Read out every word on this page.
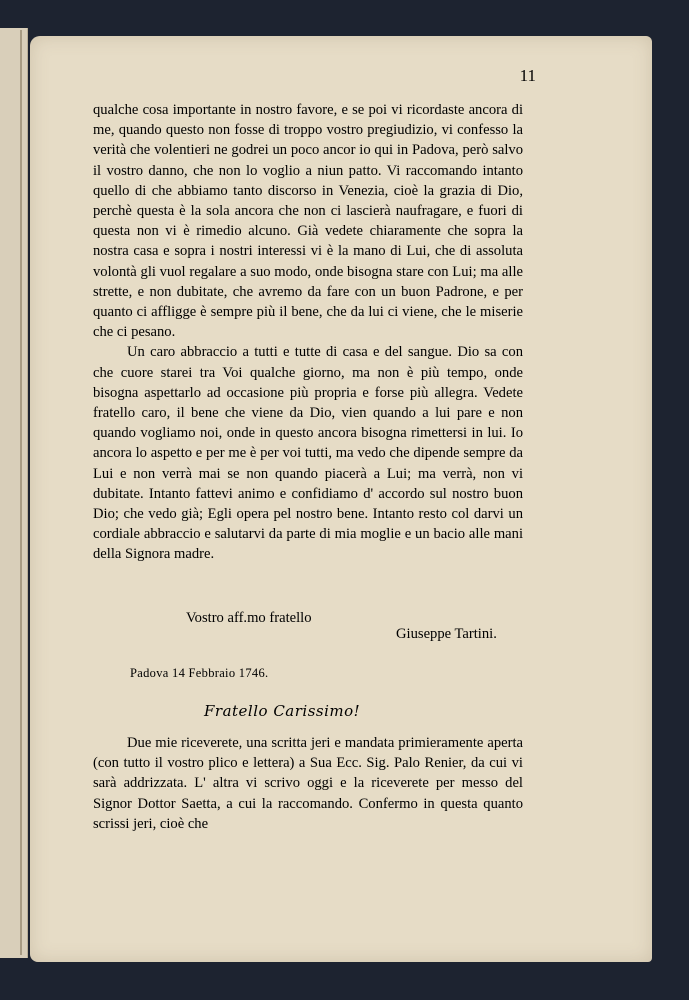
11

qualche cosa importante in nostro favore, e se poi vi ricordaste ancora di me, quando questo non fosse di troppo vostro pregiudizio, vi confesso la verità che volentieri ne godrei un poco ancor io qui in Padova, però salvo il vostro danno, che non lo voglio a niun patto. Vi raccomando intanto quello di che abbiamo tanto discorso in Venezia, cioè la grazia di Dio, perchè questa è la sola ancora che non ci lascierà naufragare, e fuori di questa non vi è rimedio alcuno. Già vedete chiaramente che sopra la nostra casa e sopra i nostri interessi vi è la mano di Lui, che di assoluta volontà gli vuol regalare a suo modo, onde bisogna stare con Lui; ma alle strette, e non dubitate, che avremo da fare con un buon Padrone, e per quanto ci affligge è sempre più il bene, che da lui ci viene, che le miserie che ci pesano.

Un caro abbraccio a tutti e tutte di casa e del sangue. Dio sa con che cuore starei tra Voi qualche giorno, ma non è più tempo, onde bisogna aspettarlo ad occasione più propria e forse più allegra. Vedete fratello caro, il bene che viene da Dio, vien quando a lui pare e non quando vogliamo noi, onde in questo ancora bisogna rimettersi in lui. Io ancora lo aspetto e per me è per voi tutti, ma vedo che dipende sempre da Lui e non verrà mai se non quando piacerà a Lui; ma verrà, non vi dubitate. Intanto fattevi animo e confidiamo d' accordo sul nostro buon Dio; che vedo già; Egli opera pel nostro bene. Intanto resto col darvi un cordiale abbraccio e salutarvi da parte di mia moglie e un bacio alle mani della Signora madre.

Vostro aff.mo fratello
Giuseppe Tartini.
Padova 14 Febbraio 1746.
Fratello Carissimo!

Due mie riceverete, una scritta jeri e mandata primieramente aperta (con tutto il vostro plico e lettera) a Sua Ecc. Sig. Palo Renier, da cui vi sarà addrizzata. L' altra vi scrivo oggi e la riceverete per messo del Signor Dottor Saetta, a cui la raccomando. Confermo in questa quanto scrissi jeri, cioè che
